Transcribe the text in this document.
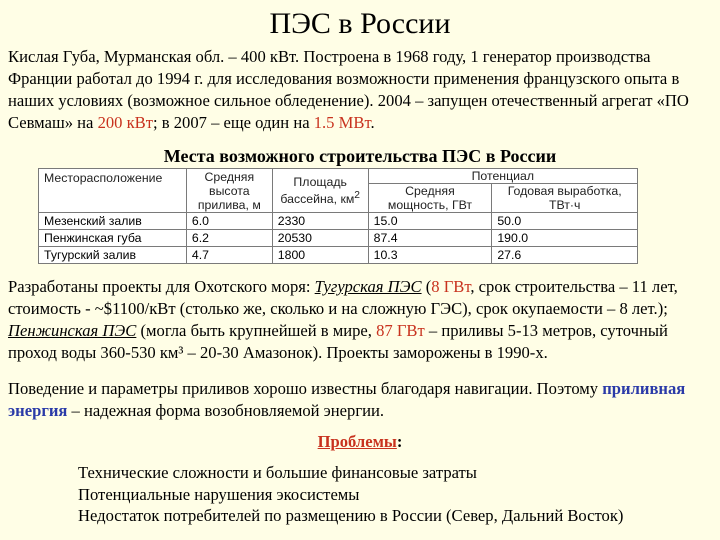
ПЭС в России
Кислая Губа, Мурманская обл. – 400 кВт. Построена в 1968 году, 1 генератор производства Франции работал до 1994 г. для исследования возможности применения французского опыта в наших условиях (возможное сильное обледенение). 2004 – запущен отечественный агрегат «ПО Севмаш» на 200 кВт; в 2007 – еще один на 1.5 МВт.
Места возможного строительства ПЭС в России
Месторасположение	Средняя высота прилива, м	Площадь бассейна, $км^2$	Потенциал	
			Средняя мощность, ГВт	Годовая выработка, ТВт·ч
Мезенский залив	6.0	2330	15.0	50.0
Пенжинская губа	6.2	20530	87.4	190.0
Тугурский залив	4.7	1800	10.3	27.6
Разработаны проекты для Охотского моря: Тугурская ПЭС (8 ГВт, срок строительства – 11 лет, стоимость - ~$1100/кВт (столько же, сколько и на сложную ГЭС), срок окупаемости – 8 лет.); Пенжинская ПЭС (могла быть крупнейшей в мире, 87 ГВт – приливы 5-13 метров, суточный проход воды 360-530 км³ – 20-30 Амазонок). Проекты заморожены в 1990-х.
Поведение и параметры приливов хорошо известны благодаря навигации. Поэтому приливная энергия – надежная форма возобновляемой энергии.
Проблемы:
Технические сложности и большие финансовые затраты
Потенциальные нарушения экосистемы
Недостаток потребителей по размещению в России (Север, Дальний Восток)
